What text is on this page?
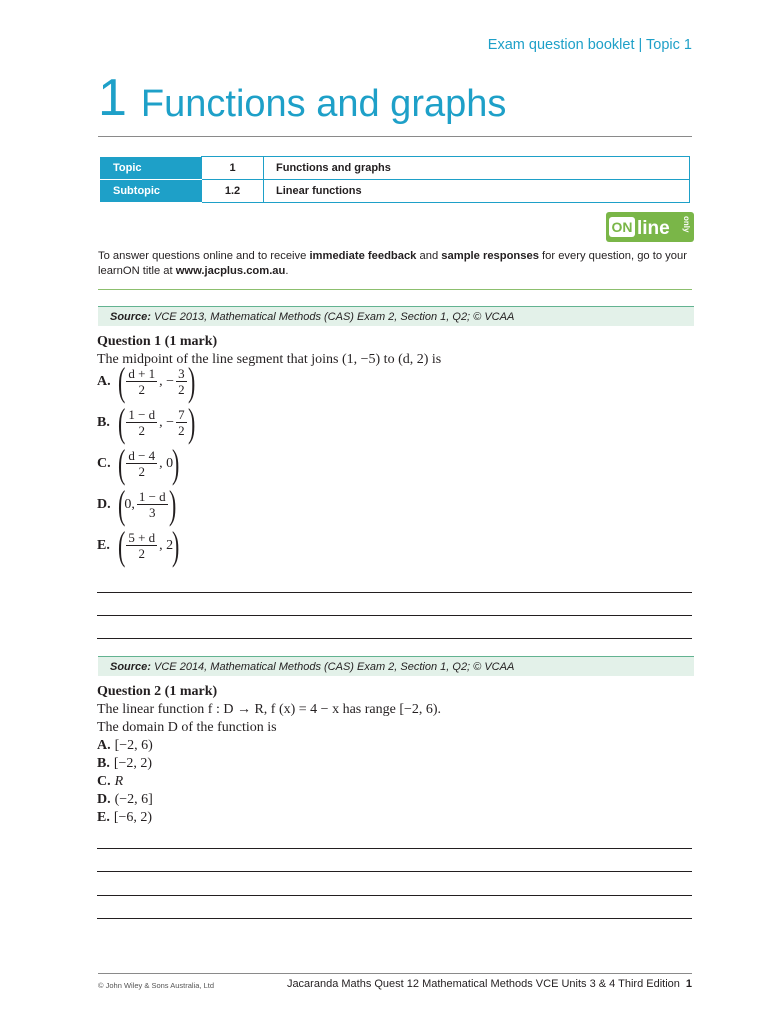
Exam question booklet | Topic 1
1 Functions and graphs
Topic	1	Functions and graphs
Subtopic	1.2	Linear functions
ON line only
To answer questions online and to receive immediate feedback and sample responses for every question, go to your learnON title at www.jacplus.com.au.
Source: VCE 2013, Mathematical Methods (CAS) Exam 2, Section 1, Q2; © VCAA
Question 1 (1 mark)
The midpoint of the line segment that joins (1, −5) to (d, 2) is
A. ( $\frac{d + 1}{2}$ , − $\frac{3}{2}$ )
B. ( $\frac{1 - d}{2}$ , − $\frac{7}{2}$ )
C. ( $\frac{d - 4}{2}$ , 0
)
D. (
0, $\frac{1 - d}{3}$ )
E. ( $\frac{5 + d}{2}$ , 2
)
Source: VCE 2014, Mathematical Methods (CAS) Exam 2, Section 1, Q2; © VCAA
Question 2 (1 mark)
The linear function f : D → R, f (x) = 4 − x has range [−2, 6).
The domain D of the function is
A. [−2, 6)
B. [−2, 2)
C. R
D. (−2, 6]
E. [−6, 2)
© John Wiley & Sons Australia, Ltd	Jacaranda Maths Quest 12 Mathematical Methods VCE Units 3 & 4 Third Edition 1
